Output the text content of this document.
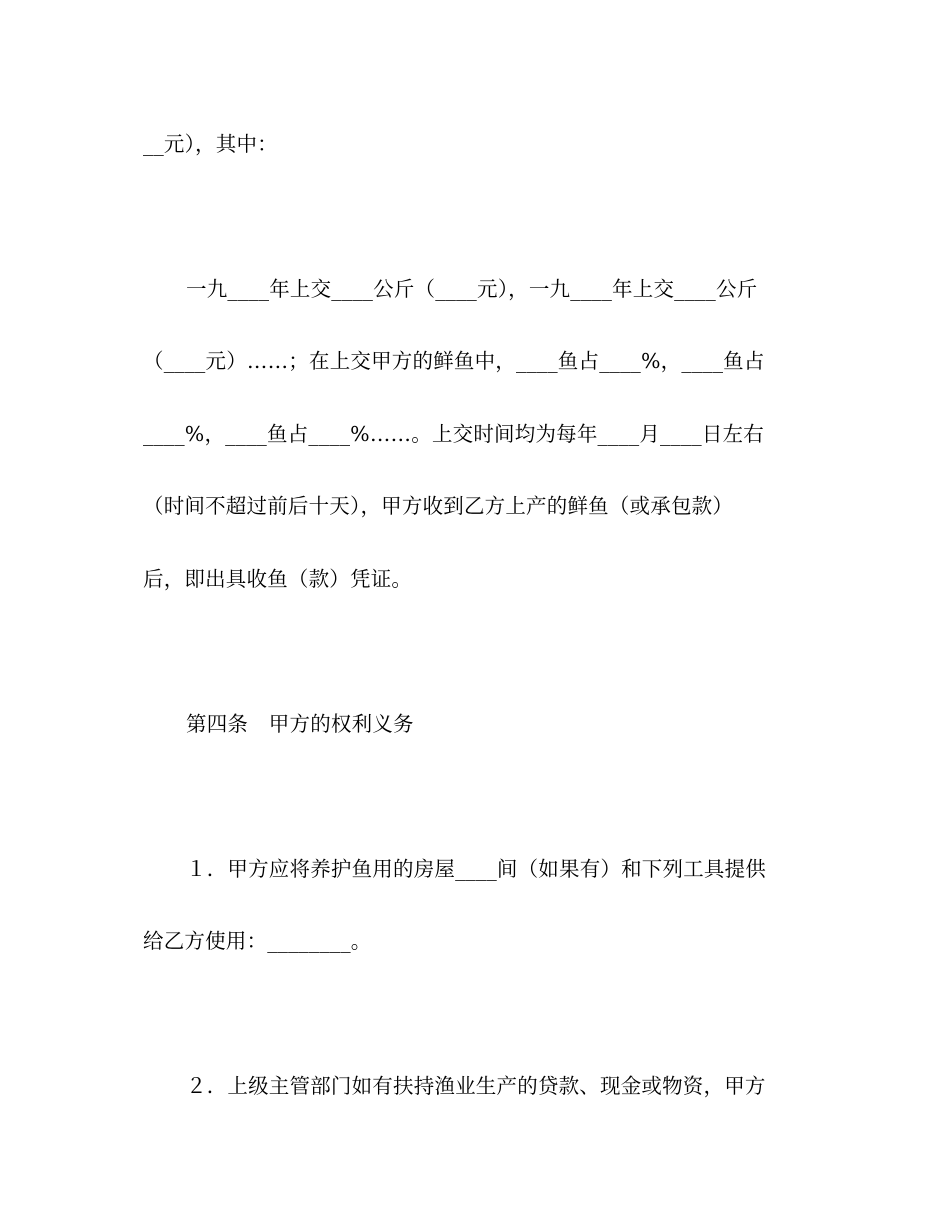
__元），其中：
一九____年上交____公斤（____元），一九____年上交____公斤
（____元）……；在上交甲方的鲜鱼中，____鱼占____%，____鱼占
____%，____鱼占____%……。上交时间均为每年____月____日左右
（时间不超过前后十天），甲方收到乙方上产的鲜鱼（或承包款）
后，即出具收鱼（款）凭证。
第四条　甲方的权利义务
１．甲方应将养护鱼用的房屋____间（如果有）和下列工具提供
给乙方使用：________。
２．上级主管部门如有扶持渔业生产的贷款、现金或物资，甲方
